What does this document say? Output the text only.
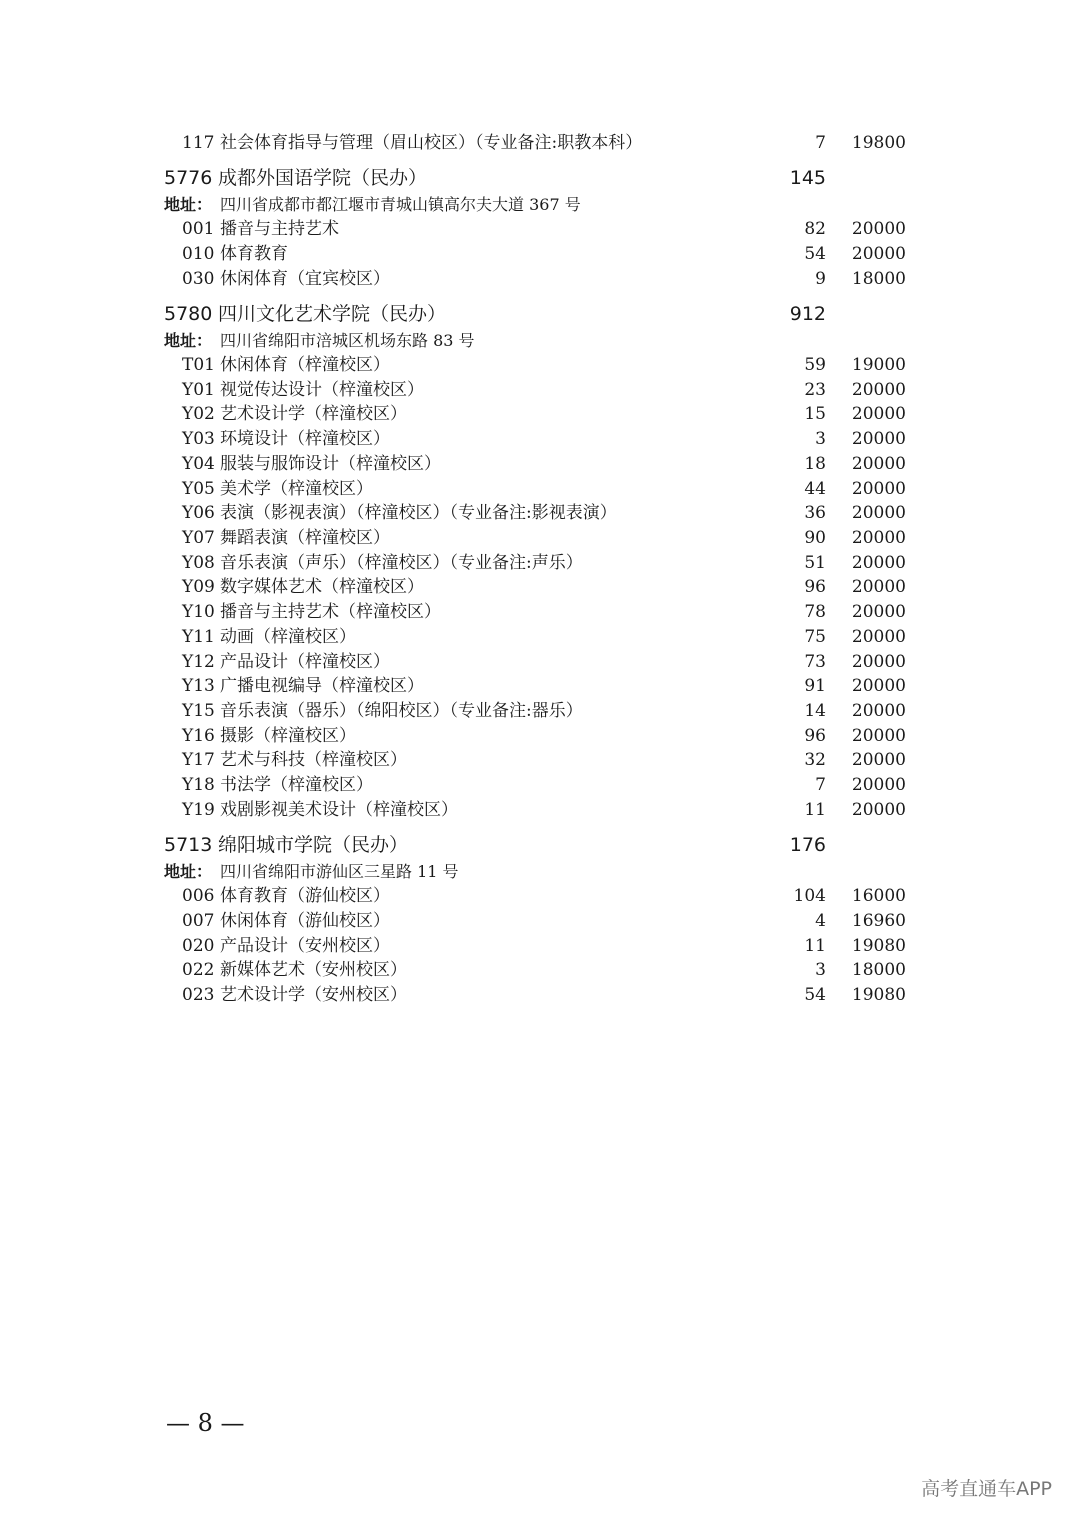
117 社会体育指导与管理（眉山校区）（专业备注:职教本科）	7 19800
5776 成都外国语学院（民办）	145
地址： 四川省成都市都江堰市青城山镇高尔夫大道 367 号
001 播音与主持艺术	82 20000
010 体育教育	54 20000
030 休闲体育（宜宾校区）	9 18000
5780 四川文化艺术学院（民办）	912
地址： 四川省绵阳市涪城区机场东路 83 号
T01 休闲体育（梓潼校区）	59 19000
Y01 视觉传达设计（梓潼校区）	23 20000
Y02 艺术设计学（梓潼校区）	15 20000
Y03 环境设计（梓潼校区）	3 20000
Y04 服装与服饰设计（梓潼校区）	18 20000
Y05 美术学（梓潼校区）	44 20000
Y06 表演（影视表演）（梓潼校区）（专业备注:影视表演）	36 20000
Y07 舞蹈表演（梓潼校区）	90 20000
Y08 音乐表演（声乐）（梓潼校区）（专业备注:声乐）	51 20000
Y09 数字媒体艺术（梓潼校区）	96 20000
Y10 播音与主持艺术（梓潼校区）	78 20000
Y11 动画（梓潼校区）	75 20000
Y12 产品设计（梓潼校区）	73 20000
Y13 广播电视编导（梓潼校区）	91 20000
Y15 音乐表演（器乐）（绵阳校区）（专业备注:器乐）	14 20000
Y16 摄影（梓潼校区）	96 20000
Y17 艺术与科技（梓潼校区）	32 20000
Y18 书法学（梓潼校区）	7 20000
Y19 戏剧影视美术设计（梓潼校区）	11 20000
5713 绵阳城市学院（民办）	176
地址： 四川省绵阳市游仙区三星路 11 号
006 体育教育（游仙校区）	104 16000
007 休闲体育（游仙校区）	4 16960
020 产品设计（安州校区）	11 19080
022 新媒体艺术（安州校区）	3 18000
023 艺术设计学（安州校区）	54 19080
— 8 —
高考直通车APP
